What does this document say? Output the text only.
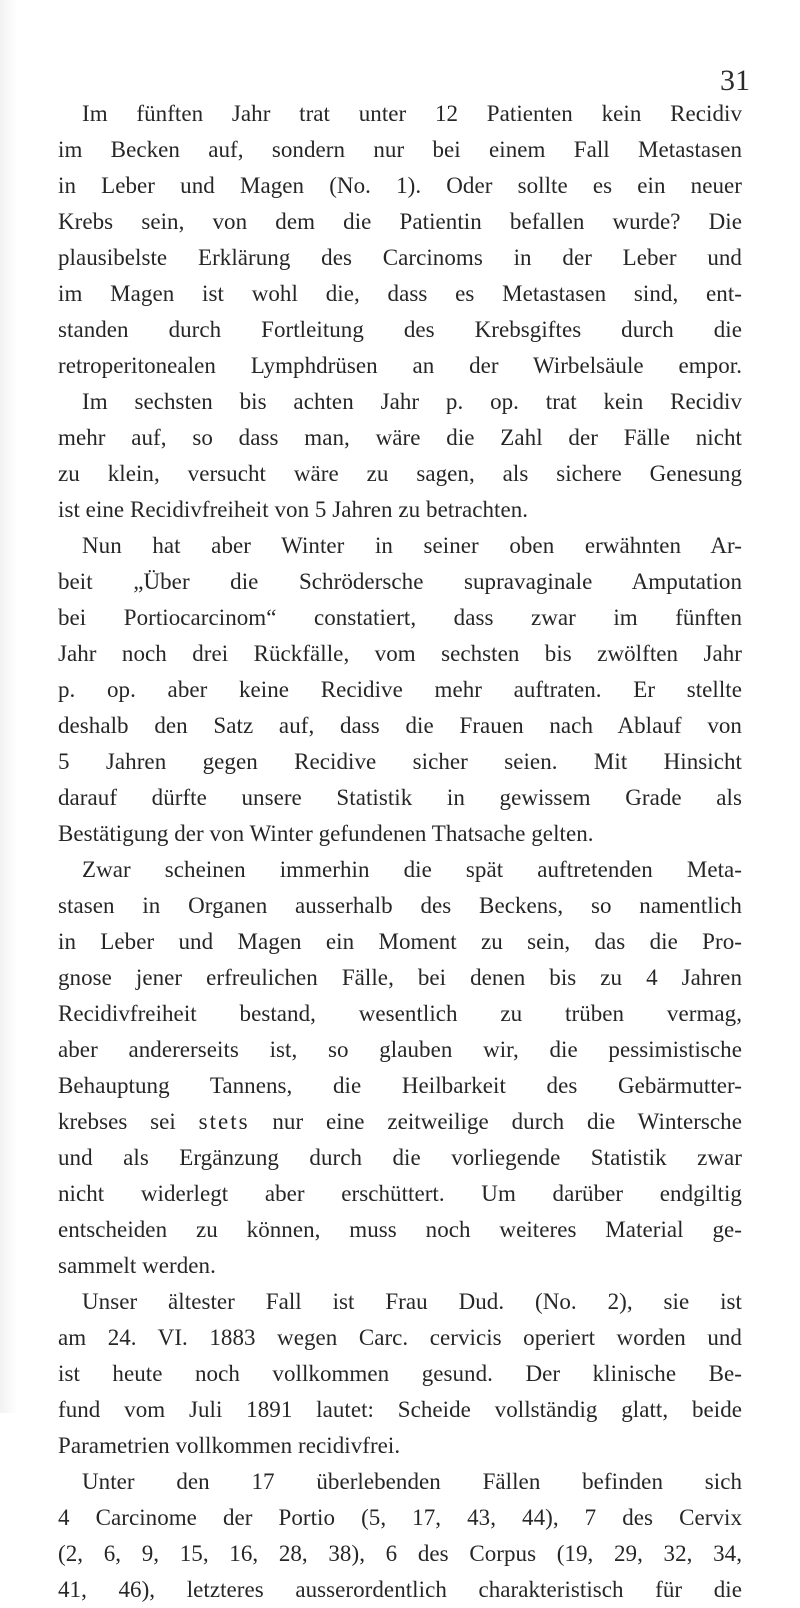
31
Im fünften Jahr trat unter 12 Patienten kein Recidiv
im Becken auf, sondern nur bei einem Fall Metastasen
in Leber und Magen (No. 1). Oder sollte es ein neuer
Krebs sein, von dem die Patientin befallen wurde? Die
plausibelste Erklärung des Carcinoms in der Leber und
im Magen ist wohl die, dass es Metastasen sind, ent-
standen durch Fortleitung des Krebsgiftes durch die
retroperitonealen Lymphdrüsen an der Wirbelsäule empor.
Im sechsten bis achten Jahr p. op. trat kein Recidiv
mehr auf, so dass man, wäre die Zahl der Fälle nicht
zu klein, versucht wäre zu sagen, als sichere Genesung
ist eine Recidivfreiheit von 5 Jahren zu betrachten.
Nun hat aber Winter in seiner oben erwähnten Ar-
beit „Über die Schrödersche supravaginale Amputation
bei Portiocarcinom“ constatiert, dass zwar im fünften
Jahr noch drei Rückfälle, vom sechsten bis zwölften Jahr
p. op. aber keine Recidive mehr auftraten. Er stellte
deshalb den Satz auf, dass die Frauen nach Ablauf von
5 Jahren gegen Recidive sicher seien. Mit Hinsicht
darauf dürfte unsere Statistik in gewissem Grade als
Bestätigung der von Winter gefundenen Thatsache gelten.
Zwar scheinen immerhin die spät auftretenden Meta-
stasen in Organen ausserhalb des Beckens, so namentlich
in Leber und Magen ein Moment zu sein, das die Pro-
gnose jener erfreulichen Fälle, bei denen bis zu 4 Jahren
Recidivfreiheit bestand, wesentlich zu trüben vermag,
aber andererseits ist, so glauben wir, die pessimistische
Behauptung Tannens, die Heilbarkeit des Gebärmutter-
krebses sei stets nur eine zeitweilige durch die Wintersche
und als Ergänzung durch die vorliegende Statistik zwar
nicht widerlegt aber erschüttert. Um darüber endgiltig
entscheiden zu können, muss noch weiteres Material ge-
sammelt werden.
Unser ältester Fall ist Frau Dud. (No. 2), sie ist
am 24. VI. 1883 wegen Carc. cervicis operiert worden und
ist heute noch vollkommen gesund. Der klinische Be-
fund vom Juli 1891 lautet: Scheide vollständig glatt, beide
Parametrien vollkommen recidivfrei.
Unter den 17 überlebenden Fällen befinden sich
4 Carcinome der Portio (5, 17, 43, 44), 7 des Cervix
(2, 6, 9, 15, 16, 28, 38), 6 des Corpus (19, 29, 32, 34,
41, 46), letzteres ausserordentlich charakteristisch für die
